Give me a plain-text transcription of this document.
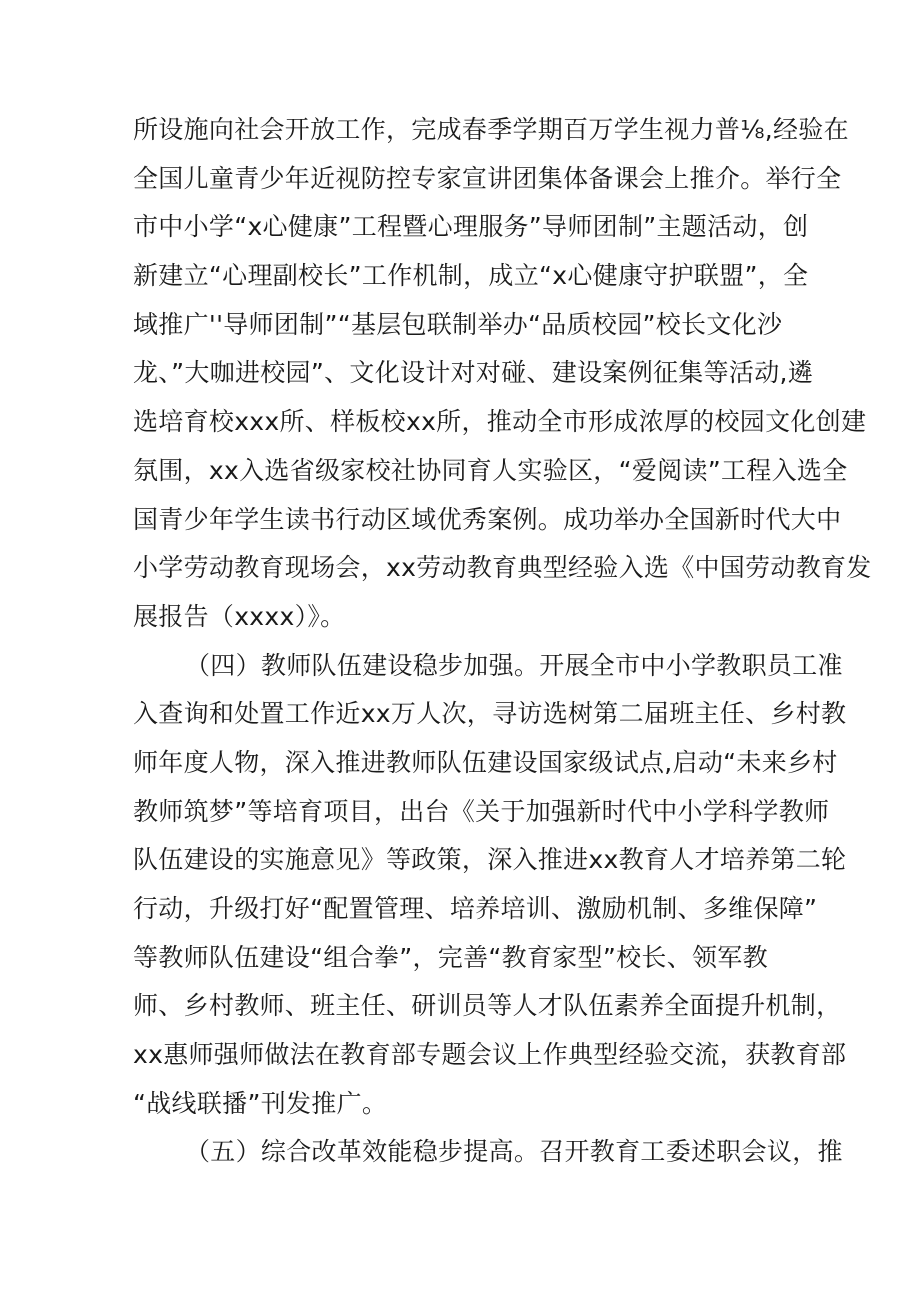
所设施向社会开放工作，完成春季学期百万学生视力普⅛,经验在
全国儿童青少年近视防控专家宣讲团集体备课会上推介。举行全
市中小学“x心健康”工程暨心理服务”导师团制”主题活动，创
新建立“心理副校长”工作机制，成立“x心健康守护联盟”，全
域推广''导师团制”“基层包联制举办“品质校园”校长文化沙
龙、”大咖进校园”、文化设计对对碰、建设案例征集等活动,遴
选培育校xxx所、样板校xx所，推动全市形成浓厚的校园文化创建
氛围，xx入选省级家校社协同育人实验区，“爱阅读”工程入选全
国青少年学生读书行动区域优秀案例。成功举办全国新时代大中
小学劳动教育现场会，xx劳动教育典型经验入选《中国劳动教育发
展报告（xxxx）》。
（四）教师队伍建设稳步加强。开展全市中小学教职员工准
入查询和处置工作近xx万人次，寻访选树第二届班主任、乡村教
师年度人物，深入推进教师队伍建设国家级试点,启动“未来乡村
教师筑梦”等培育项目，出台《关于加强新时代中小学科学教师
队伍建设的实施意见》等政策，深入推进xx教育人才培养第二轮
行动，升级打好“配置管理、培养培训、激励机制、多维保障”
等教师队伍建设“组合拳”，完善“教育家型”校长、领军教
师、乡村教师、班主任、研训员等人才队伍素养全面提升机制，
xx惠师强师做法在教育部专题会议上作典型经验交流，获教育部
“战线联播”刊发推广。
（五）综合改革效能稳步提高。召开教育工委述职会议，推
